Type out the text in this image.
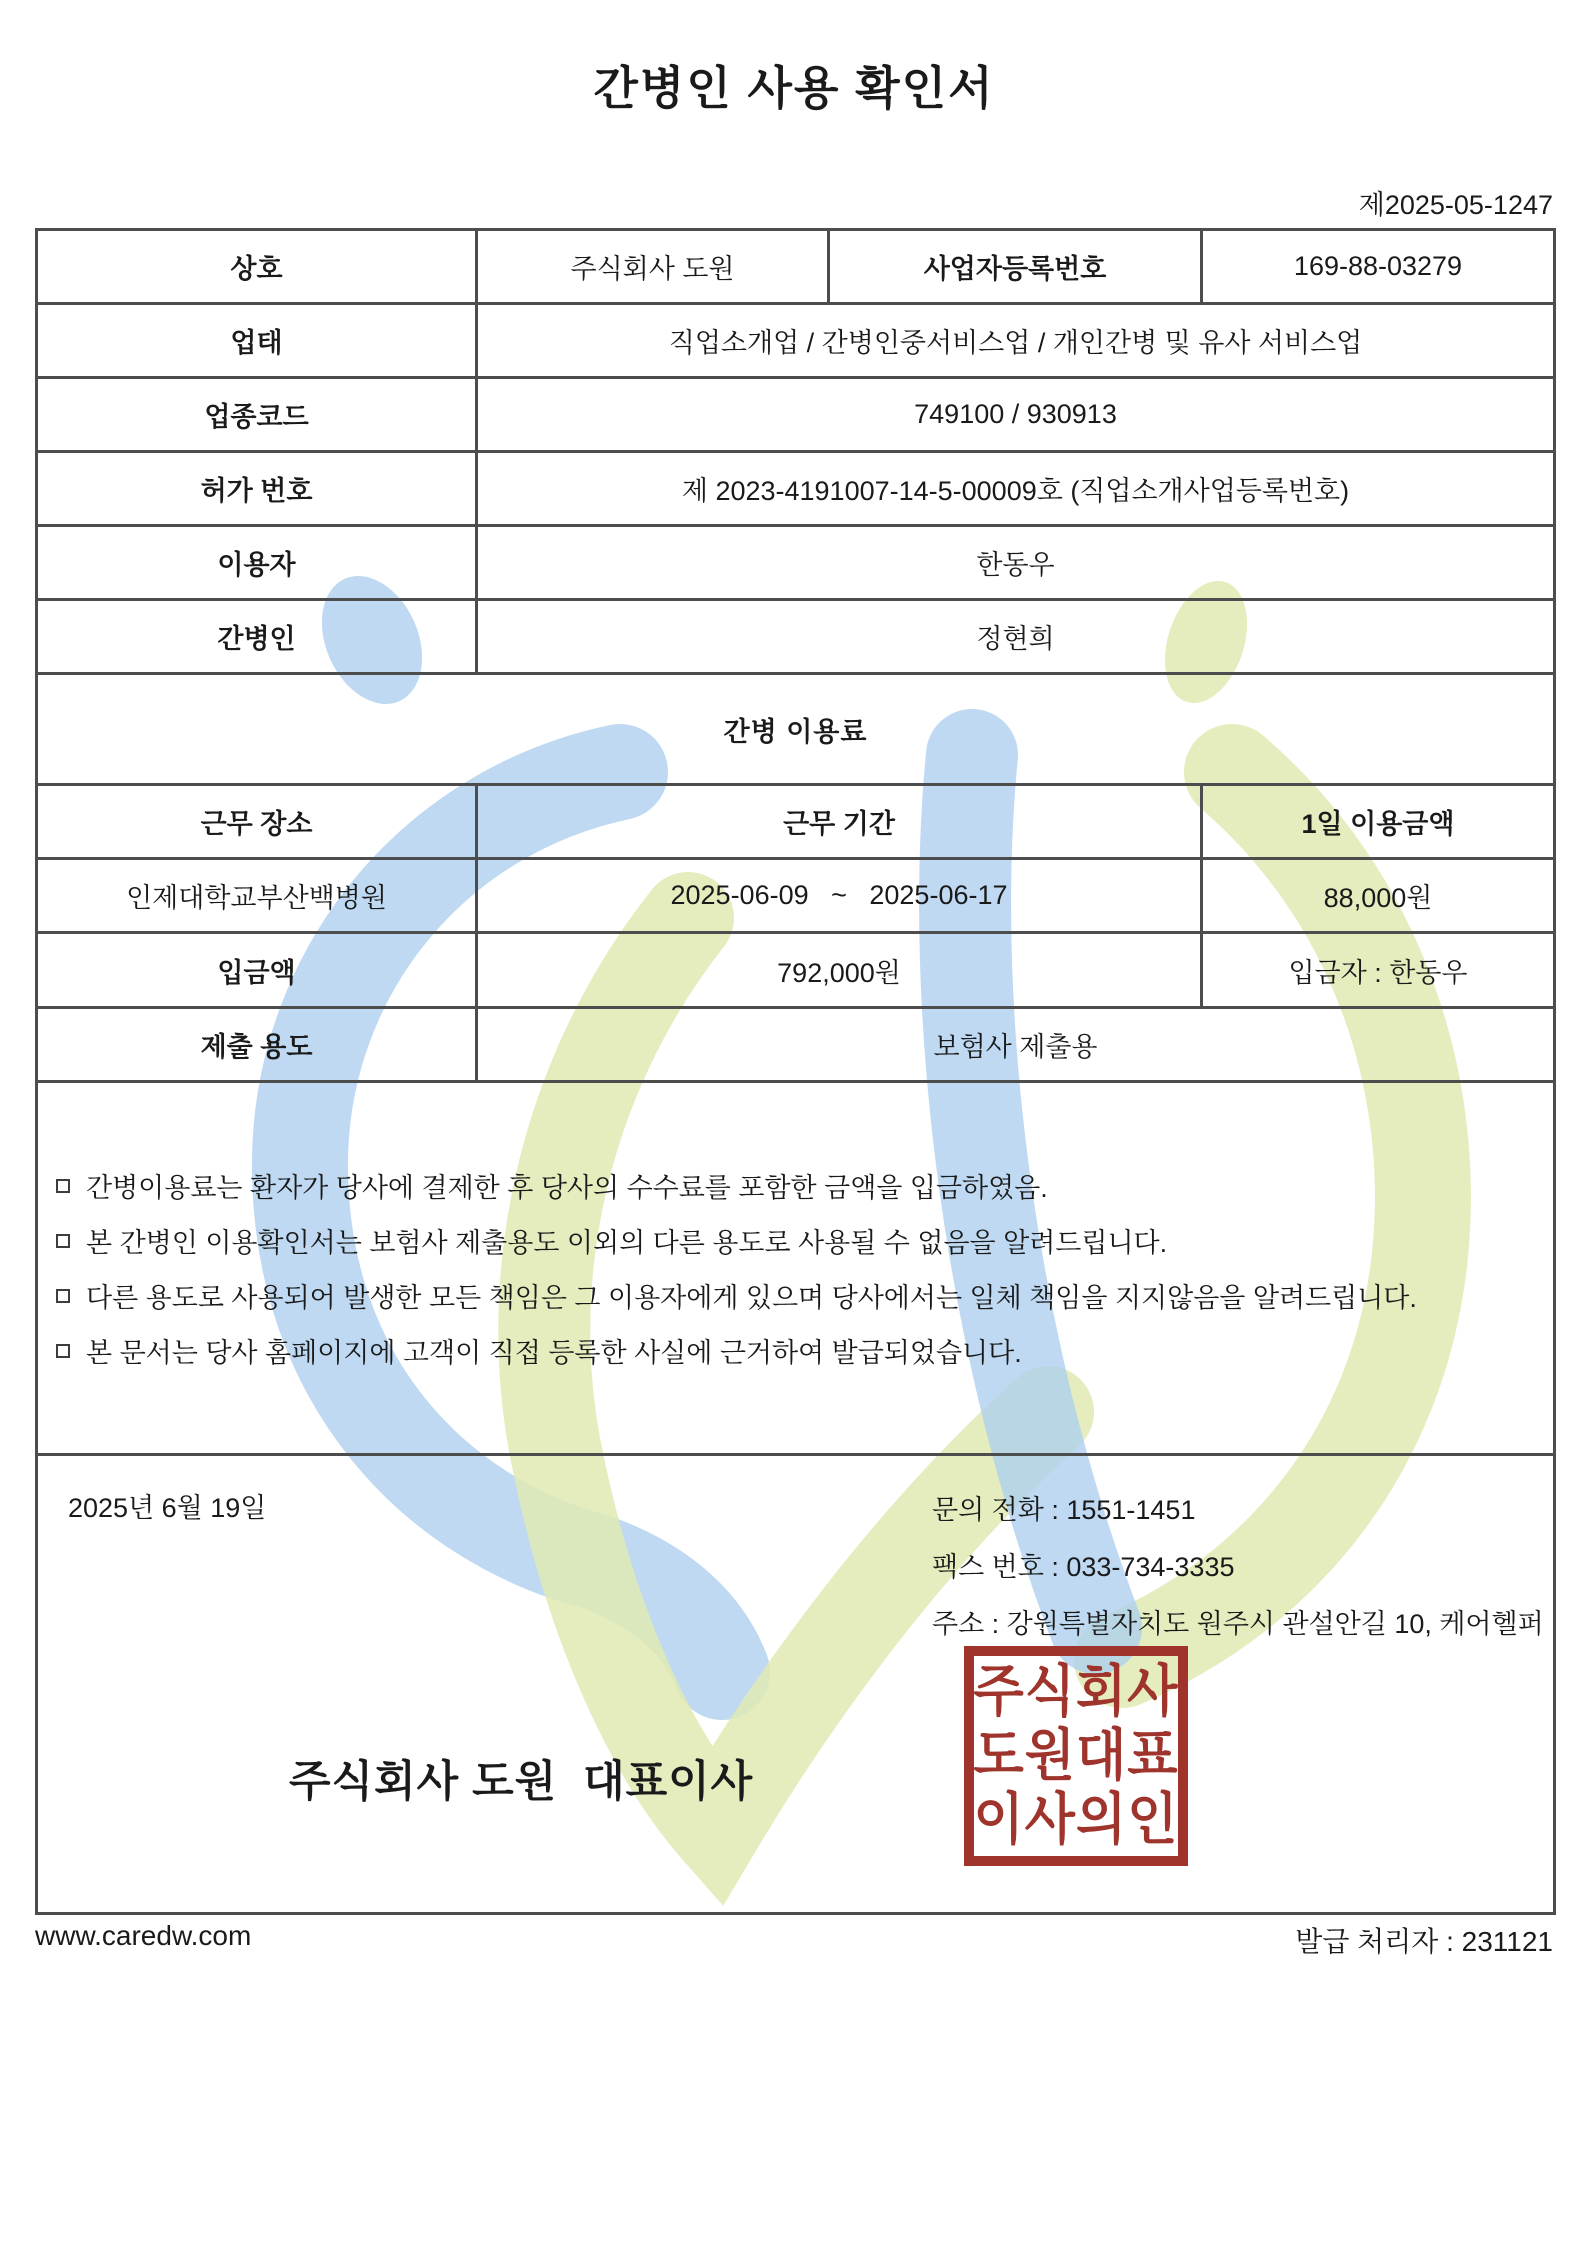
간병인 사용 확인서
제2025-05-1247
상호	주식회사 도원	사업자등록번호	169-88-03279
업태	직업소개업 / 간병인중서비스업 / 개인간병 및 유사 서비스업		
업종코드	749100 / 930913		
허가 번호	제 2023-4191007-14-5-00009호 (직업소개사업등록번호)		
이용자	한동우		
간병인	정현희		
간병 이용료			
근무 장소	근무 기간		1일 이용금액
인제대학교부산백병원	2025-06-09   ~   2025-06-17		88,000원
입금액	792,000원		입금자 : 한동우
제출 용도	보험사 제출용		

간병이용료는 환자가 당사에 결제한 후 당사의 수수료를 포함한 금액을 입금하였음.
본 간병인 이용확인서는 보험사 제출용도 이외의 다른 용도로 사용될 수 없음을 알려드립니다.
다른 용도로 사용되어 발생한 모든 책임은 그 이용자에게 있으며 당사에서는 일체 책임을 지지않음을 알려드립니다.
본 문서는 당사 홈페이지에 고객이 직접 등록한 사실에 근거하여 발급되었습니다.			

2025년 6월 19일	문의 전화 : 1551-1451
팩스 번호 : 033-734-3335
주소 : 강원특별자치도 원주시 관설안길 10, 케어헬퍼
주식회사 도원  대표이사
주식회사
도원대표
이사의인
www.caredw.com	발급 처리자 : 231121
